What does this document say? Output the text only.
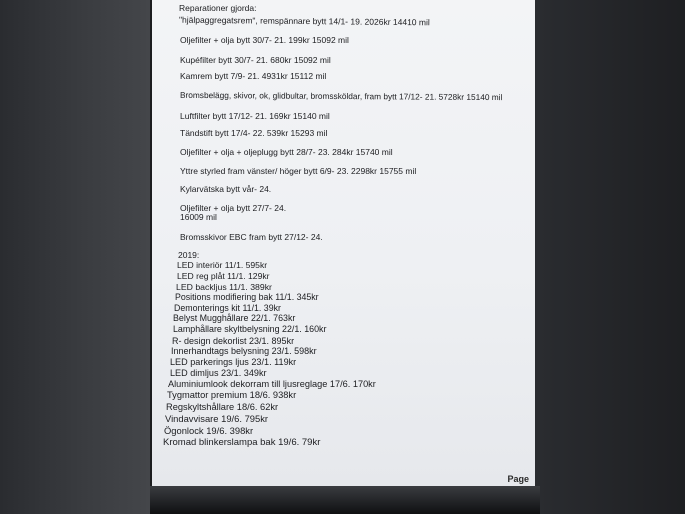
Reparationer gjorda:
"hjälpaggregatsrem", remspännare bytt 14/1- 19. 2026kr 14410 mil
Oljefilter + olja bytt 30/7- 21. 199kr 15092 mil
Kupéfilter bytt 30/7- 21. 680kr 15092 mil
Kamrem bytt 7/9- 21. 4931kr 15112 mil
Bromsbelägg, skivor, ok, glidbultar, bromssköldar, fram bytt 17/12- 21. 5728kr 15140 mil
Luftfilter bytt 17/12- 21. 169kr 15140 mil
Tändstift bytt 17/4- 22. 539kr 15293 mil
Oljefilter + olja + oljeplugg bytt 28/7- 23. 284kr 15740 mil
Yttre styrled fram vänster/ höger bytt 6/9- 23. 2298kr 15755 mil
Kylarvätska bytt vår- 24.
Oljefilter + olja bytt 27/7- 24.
16009 mil
Bromsskivor EBC fram bytt 27/12- 24.
2019:
LED interiör 11/1. 595kr
LED reg plåt 11/1. 129kr
LED backljus 11/1. 389kr
Positions modifiering bak 11/1. 345kr
Demonterings kit 11/1. 39kr
Belyst Mugghållare 22/1. 763kr
Lamphållare skyltbelysning 22/1. 160kr
R- design dekorlist 23/1. 895kr
Innerhandtags belysning 23/1. 598kr
LED parkerings ljus 23/1. 119kr
LED dimljus 23/1. 349kr
Aluminiumlook dekorram till ljusreglage 17/6. 170kr
Tygmattor premium 18/6. 938kr
Regskyltshållare 18/6. 62kr
Vindavvisare 19/6. 795kr
Ögonlock 19/6. 398kr
Kromad blinkerslampa bak 19/6. 79kr
Page
